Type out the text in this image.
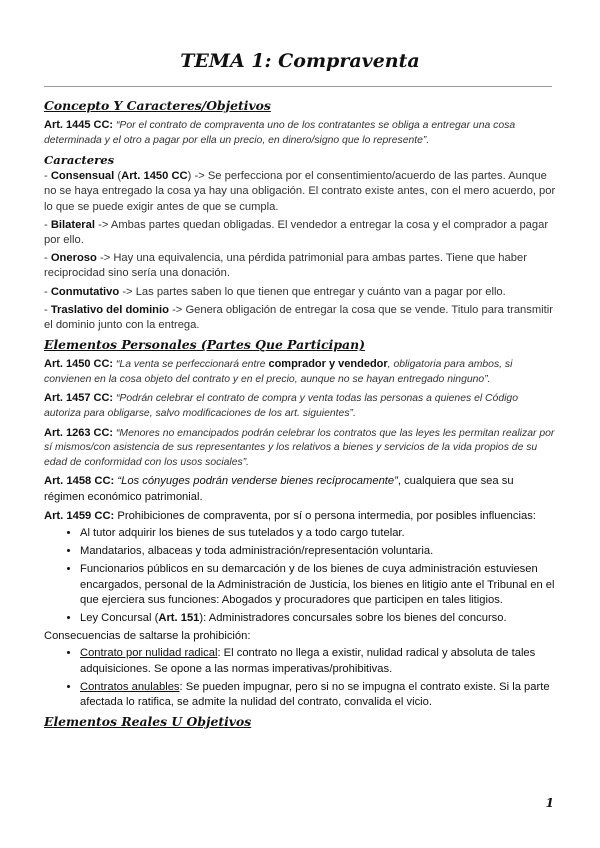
TEMA 1: Compraventa
Concepto Y Caracteres/Objetivos

Art. 1445 CC: “Por el contrato de compraventa uno de los contratantes se obliga a entregar una cosa determinada y el otro a pagar por ella un precio, en dinero/signo que lo represente”.

Caracteres

- Consensual (Art. 1450 CC) -> Se perfecciona por el consentimiento/acuerdo de las partes. Aunque no se haya entregado la cosa ya hay una obligación. El contrato existe antes, con el mero acuerdo, por lo que se puede exigir antes de que se cumpla.

- Bilateral -> Ambas partes quedan obligadas. El vendedor a entregar la cosa y el comprador a pagar por ello.

- Oneroso -> Hay una equivalencia, una pérdida patrimonial para ambas partes. Tiene que haber reciprocidad sino sería una donación.

- Conmutativo -> Las partes saben lo que tienen que entregar y cuánto van a pagar por ello.

- Traslativo del dominio -> Genera obligación de entregar la cosa que se vende. Titulo para transmitir el dominio junto con la entrega.

Elementos Personales (Partes Que Participan)

Art. 1450 CC: “La venta se perfeccionará entre comprador y vendedor, obligatoria para ambos, si convienen en la cosa objeto del contrato y en el precio, aunque no se hayan entregado ninguno”.

Art. 1457 CC: “Podrán celebrar el contrato de compra y venta todas las personas a quienes el Código autoriza para obligarse, salvo modificaciones de los art. siguientes”.

Art. 1263 CC: “Menores no emancipados podrán celebrar los contratos que las leyes les permitan realizar por sí mismos/con asistencia de sus representantes y los relativos a bienes y servicios de la vida propios de su edad de conformidad con los usos sociales”.

Art. 1458 CC: “Los cónyuges podrán venderse bienes recíprocamente”, cualquiera que sea su régimen económico patrimonial.

Art. 1459 CC: Prohibiciones de compraventa, por sí o persona intermedia, por posibles influencias:

• Al tutor adquirir los bienes de sus tutelados y a todo cargo tutelar.
• Mandatarios, albaceas y toda administración/representación voluntaria.
• Funcionarios públicos en su demarcación y de los bienes de cuya administración estuviesen encargados, personal de la Administración de Justicia, los bienes en litigio ante el Tribunal en el que ejerciera sus funciones: Abogados y procuradores que participen en tales litigios.
• Ley Concursal (Art. 151): Administradores concursales sobre los bienes del concurso.

Consecuencias de saltarse la prohibición:

• Contrato por nulidad radical: El contrato no llega a existir, nulidad radical y absoluta de tales adquisiciones. Se opone a las normas imperativas/prohibitivas.
• Contratos anulables: Se pueden impugnar, pero si no se impugna el contrato existe. Si la parte afectada lo ratifica, se admite la nulidad del contrato, convalida el vicio.
Elementos Reales U Objetivos
1
